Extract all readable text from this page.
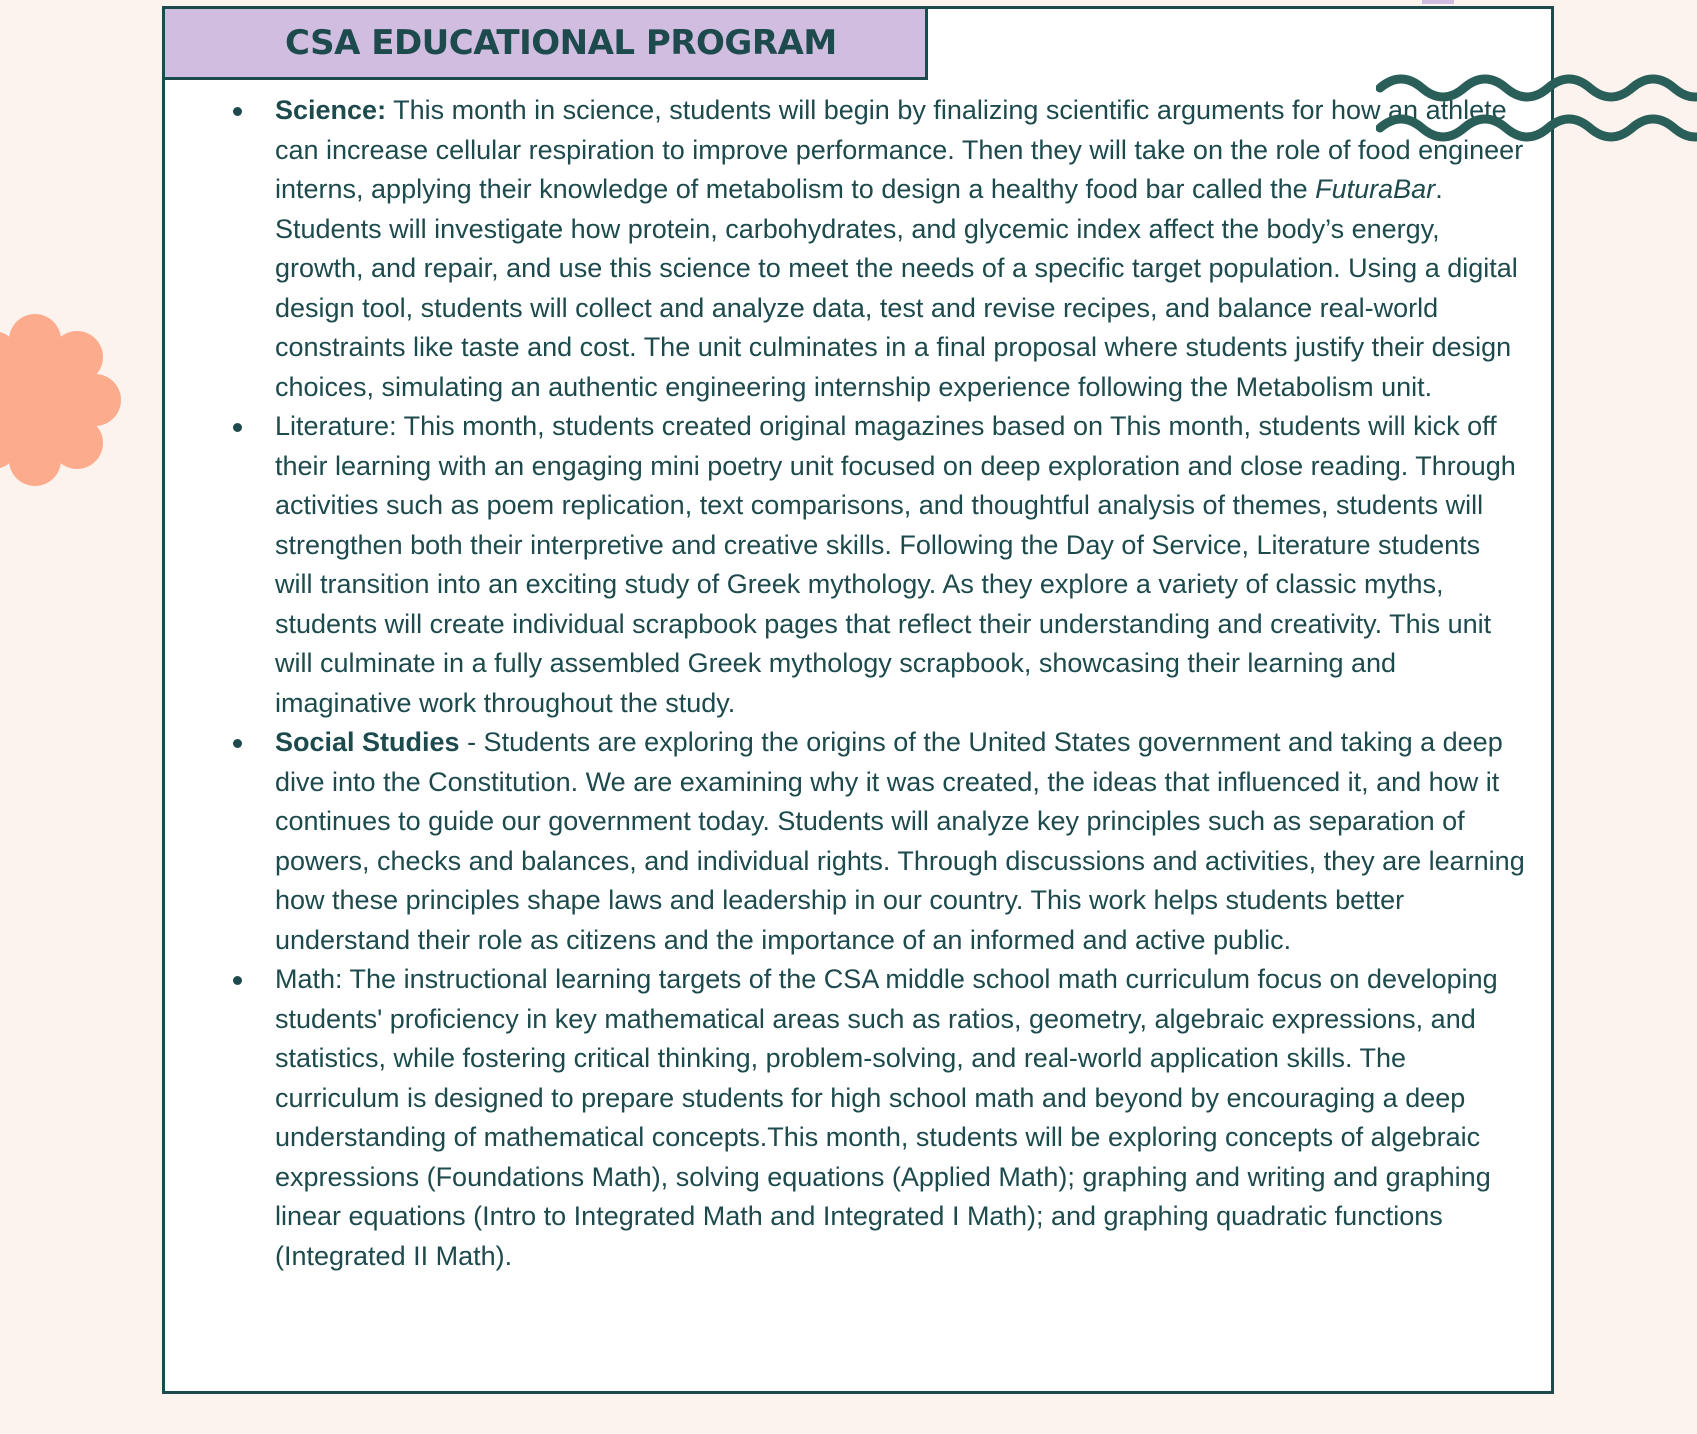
CSA EDUCATIONAL PROGRAM
Science: This month in science, students will begin by finalizing scientific arguments for how an athlete can increase cellular respiration to improve performance. Then they will take on the role of food engineer interns, applying their knowledge of metabolism to design a healthy food bar called the FuturaBar. Students will investigate how protein, carbohydrates, and glycemic index affect the body’s energy, growth, and repair, and use this science to meet the needs of a specific target population. Using a digital design tool, students will collect and analyze data, test and revise recipes, and balance real-world constraints like taste and cost. The unit culminates in a final proposal where students justify their design choices, simulating an authentic engineering internship experience following the Metabolism unit.
Literature: This month, students created original magazines based on This month, students will kick off their learning with an engaging mini poetry unit focused on deep exploration and close reading. Through activities such as poem replication, text comparisons, and thoughtful analysis of themes, students will strengthen both their interpretive and creative skills. Following the Day of Service, Literature students will transition into an exciting study of Greek mythology. As they explore a variety of classic myths, students will create individual scrapbook pages that reflect their understanding and creativity. This unit will culminate in a fully assembled Greek mythology scrapbook, showcasing their learning and imaginative work throughout the study.
Social Studies - Students are exploring the origins of the United States government and taking a deep dive into the Constitution. We are examining why it was created, the ideas that influenced it, and how it continues to guide our government today. Students will analyze key principles such as separation of powers, checks and balances, and individual rights. Through discussions and activities, they are learning how these principles shape laws and leadership in our country. This work helps students better understand their role as citizens and the importance of an informed and active public.
Math: The instructional learning targets of the CSA middle school math curriculum focus on developing students' proficiency in key mathematical areas such as ratios, geometry, algebraic expressions, and statistics, while fostering critical thinking, problem-solving, and real-world application skills. The curriculum is designed to prepare students for high school math and beyond by encouraging a deep understanding of mathematical concepts.This month, students will be exploring concepts of algebraic expressions (Foundations Math), solving equations (Applied Math); graphing and writing and graphing linear equations (Intro to Integrated Math and Integrated I Math); and graphing quadratic functions (Integrated II Math).
